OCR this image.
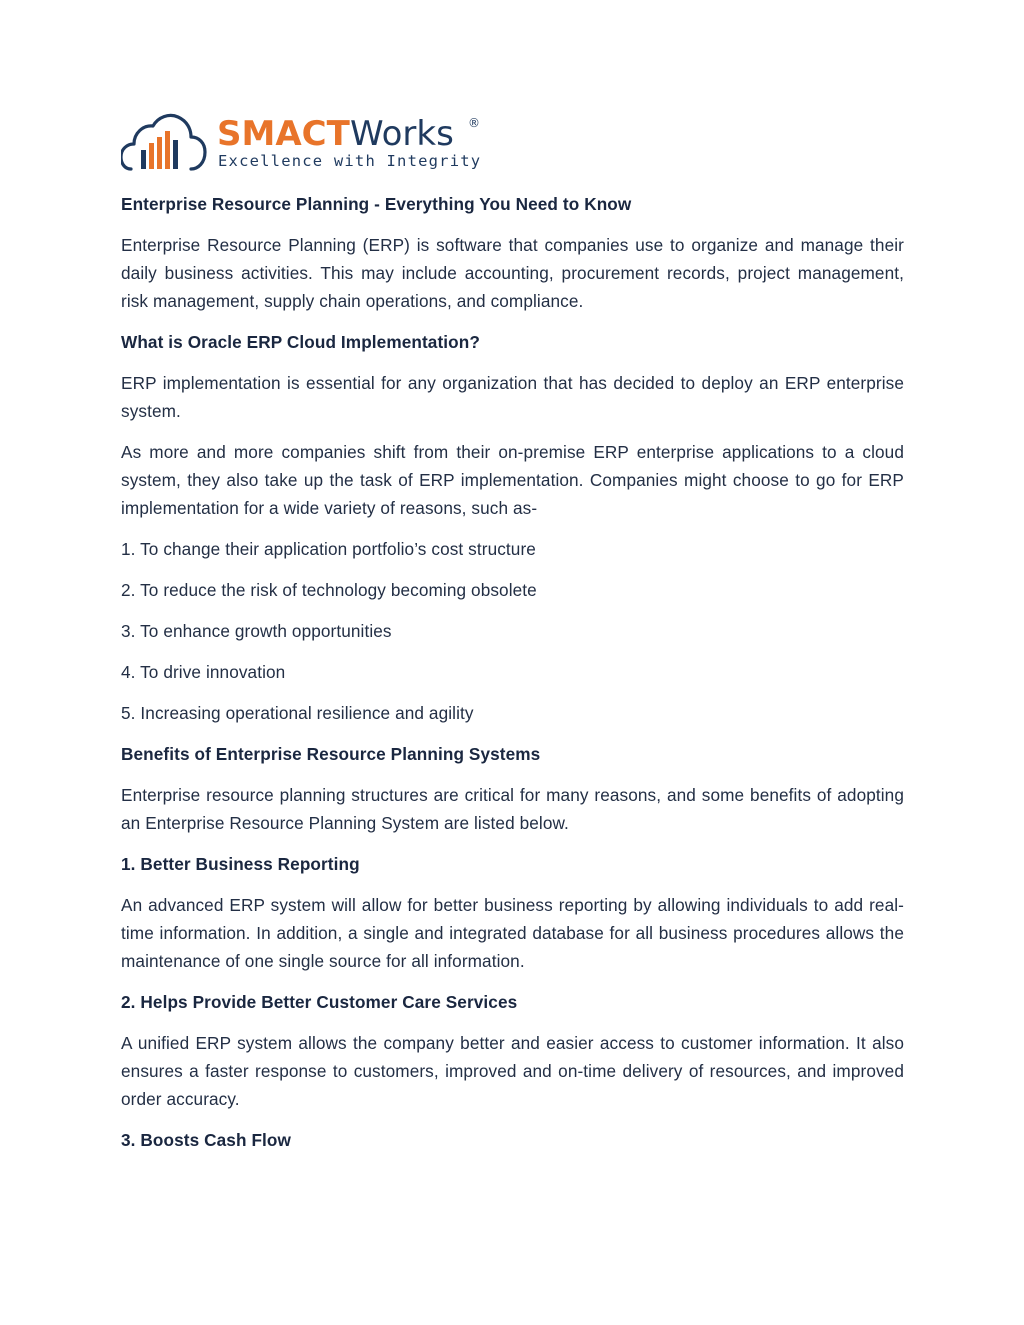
SMACT Works ®
Excellence with Integrity
Enterprise Resource Planning - Everything You Need to Know

Enterprise Resource Planning (ERP) is software that companies use to organize and manage their daily business activities. This may include accounting, procurement records, project management, risk management, supply chain operations, and compliance.

What is Oracle ERP Cloud Implementation?

ERP implementation is essential for any organization that has decided to deploy an ERP enterprise system.

As more and more companies shift from their on-premise ERP enterprise applications to a cloud system, they also take up the task of ERP implementation. Companies might choose to go for ERP implementation for a wide variety of reasons, such as-

1. To change their application portfolio’s cost structure

2. To reduce the risk of technology becoming obsolete

3. To enhance growth opportunities

4. To drive innovation

5. Increasing operational resilience and agility

Benefits of Enterprise Resource Planning Systems

Enterprise resource planning structures are critical for many reasons, and some benefits of adopting an Enterprise Resource Planning System are listed below.

1. Better Business Reporting

An advanced ERP system will allow for better business reporting by allowing individuals to add real-time information. In addition, a single and integrated database for all business procedures allows the maintenance of one single source for all information.

2. Helps Provide Better Customer Care Services

A unified ERP system allows the company better and easier access to customer information. It also ensures a faster response to customers, improved and on-time delivery of resources, and improved order accuracy.

3. Boosts Cash Flow
